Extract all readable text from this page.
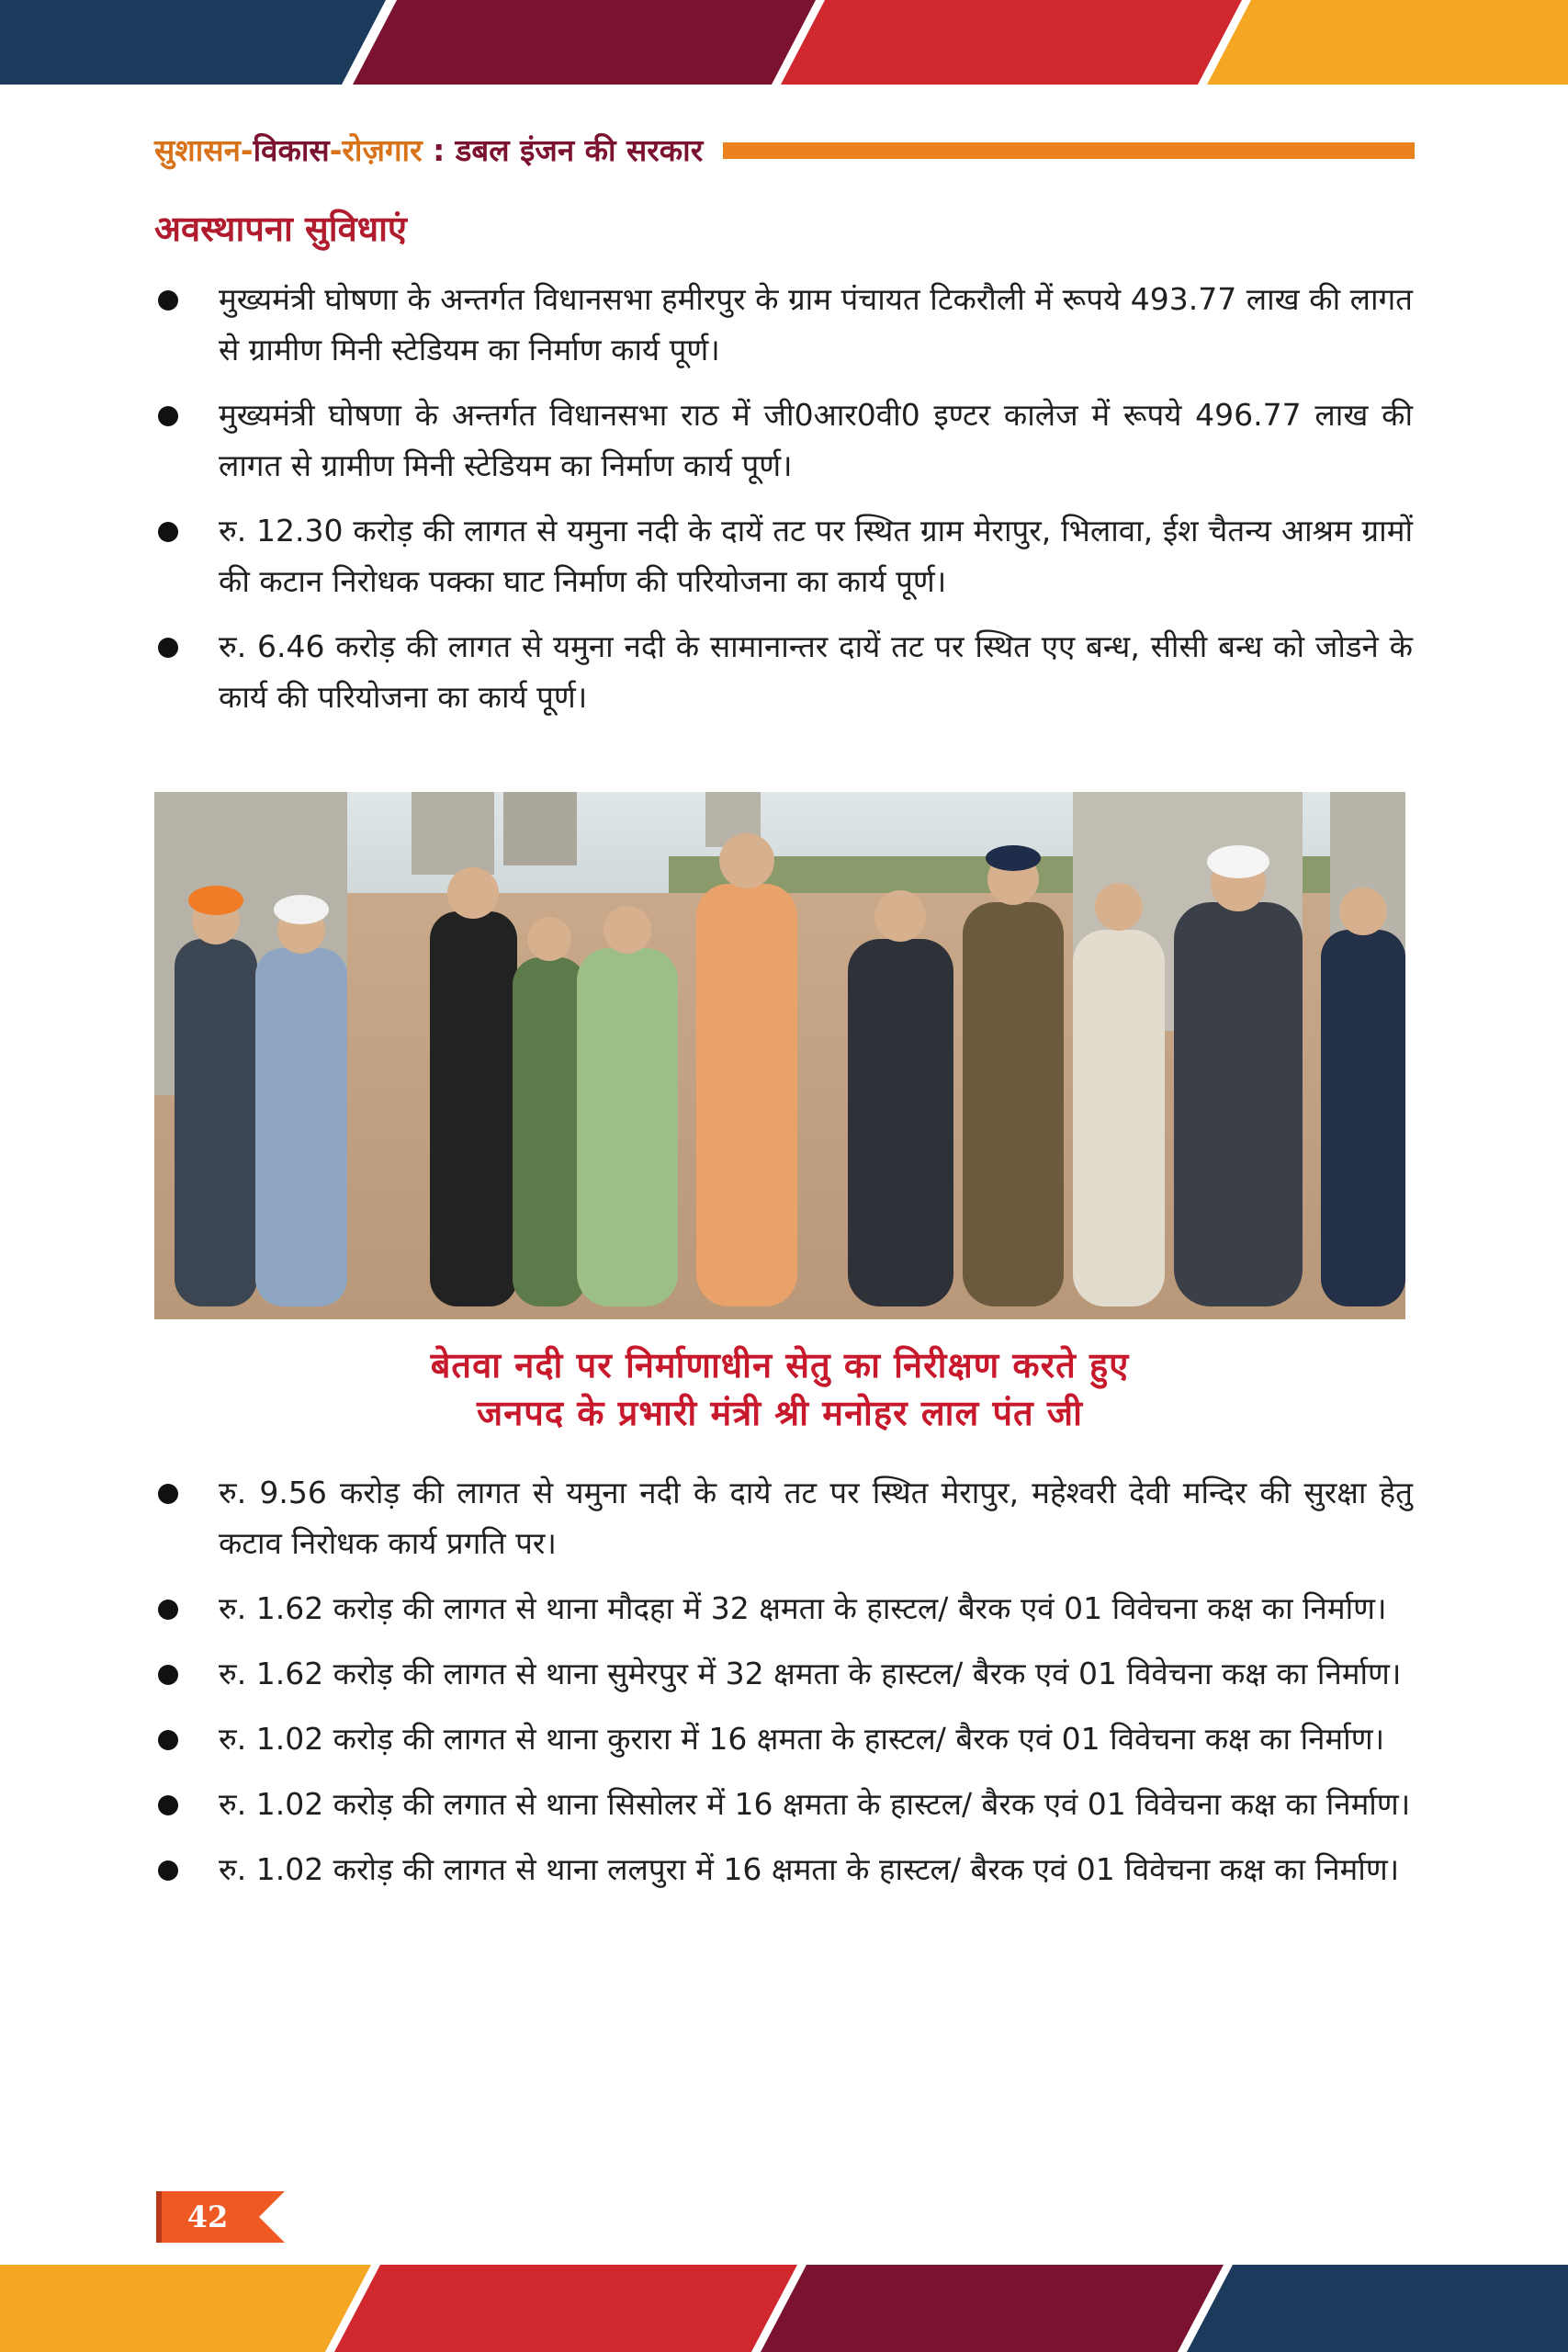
सुशासन-विकास-रोज़गार : डबल इंजन की सरकार
अवस्थापना सुविधाएं
मुख्यमंत्री घोषणा के अन्तर्गत विधानसभा हमीरपुर के ग्राम पंचायत टिकरौली में रूपये 493.77 लाख की लागत से ग्रामीण मिनी स्टेडियम का निर्माण कार्य पूर्ण।
मुख्यमंत्री घोषणा के अन्तर्गत विधानसभा राठ में जी0आर0वी0 इण्टर कालेज में रूपये 496.77 लाख की लागत से ग्रामीण मिनी स्टेडियम का निर्माण कार्य पूर्ण।
रु. 12.30 करोड़ की लागत से यमुना नदी के दायें तट पर स्थित ग्राम मेरापुर, भिलावा, ईश चैतन्य आश्रम ग्रामों की कटान निरोधक पक्का घाट निर्माण की परियोजना का कार्य पूर्ण।
रु. 6.46 करोड़ की लागत से यमुना नदी के सामानान्तर दायें तट पर स्थित एए बन्ध, सीसी बन्ध को जोडने के कार्य की परियोजना का कार्य पूर्ण।
बेतवा नदी पर निर्माणाधीन सेतु का निरीक्षण करते हुए
जनपद के प्रभारी मंत्री श्री मनोहर लाल पंत जी
रु. 9.56 करोड़ की लागत से यमुना नदी के दाये तट पर स्थित मेरापुर, महेश्वरी देवी मन्दिर की सुरक्षा हेतु कटाव निरोधक कार्य प्रगति पर।
रु. 1.62 करोड़ की लागत से थाना मौदहा में 32 क्षमता के हास्टल/ बैरक एवं 01 विवेचना कक्ष का निर्माण।
रु. 1.62 करोड़ की लागत से थाना सुमेरपुर में 32 क्षमता के हास्टल/ बैरक एवं 01 विवेचना कक्ष का निर्माण।
रु. 1.02 करोड़ की लागत से थाना कुरारा में 16 क्षमता के हास्टल/ बैरक एवं 01 विवेचना कक्ष का निर्माण।
रु. 1.02 करोड़ की लगात से थाना सिसोलर में 16 क्षमता के हास्टल/ बैरक एवं 01 विवेचना कक्ष का निर्माण।
रु. 1.02 करोड़ की लागत से थाना ललपुरा में 16 क्षमता के हास्टल/ बैरक एवं 01 विवेचना कक्ष का निर्माण।
42
